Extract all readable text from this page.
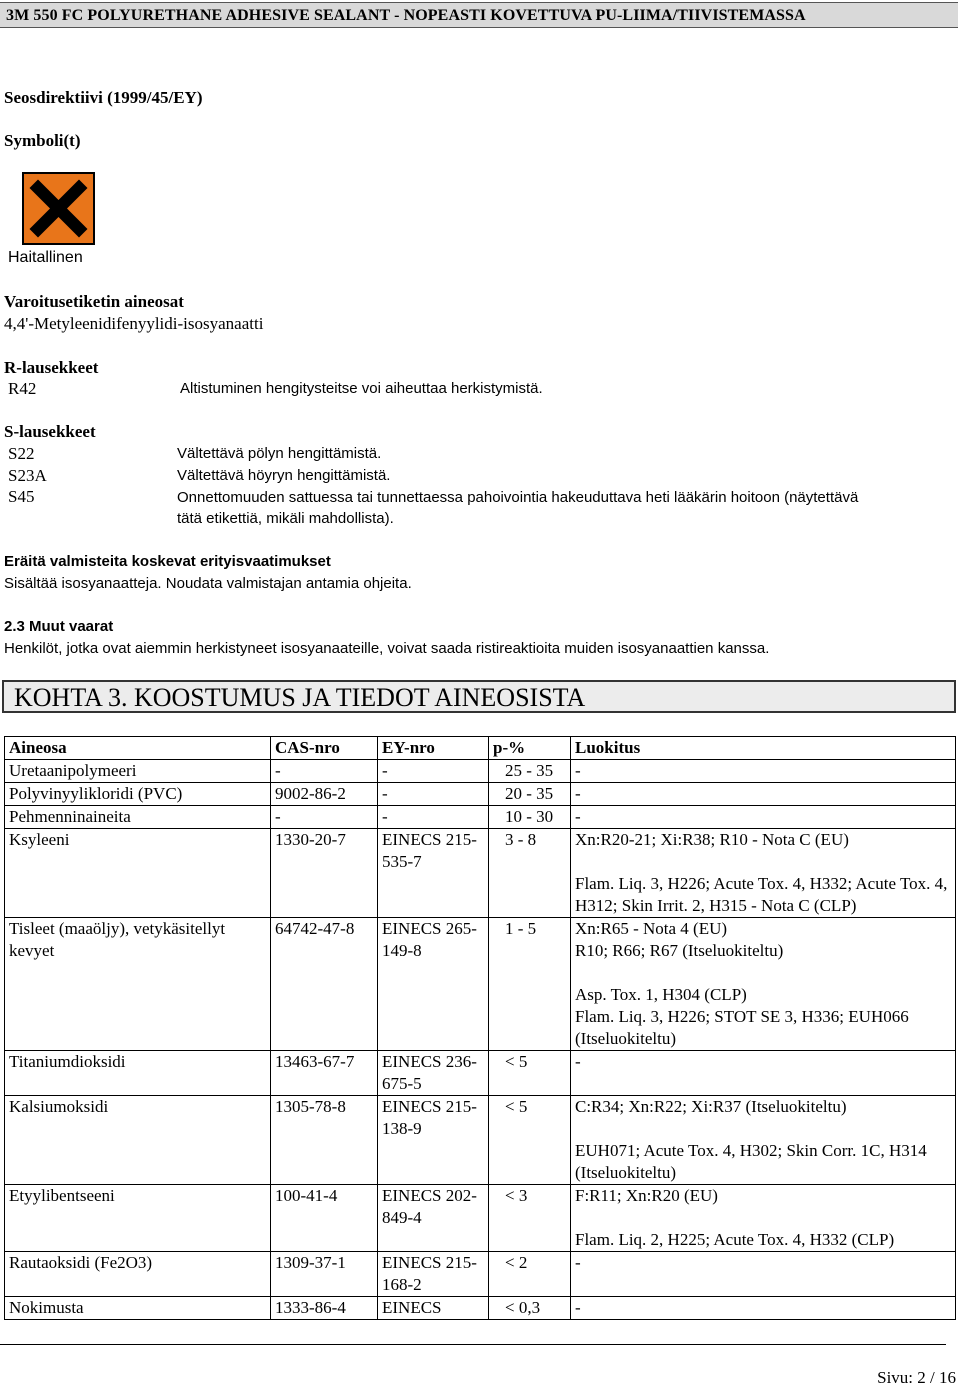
3M 550 FC POLYURETHANE ADHESIVE SEALANT - NOPEASTI KOVETTUVA PU-LIIMA/TIIVISTEMASSA
Seosdirektiivi (1999/45/EY)
Symboli(t)
Haitallinen
Varoitusetiketin aineosat
4,4'-Metyleenidifenyylidi-isosyanaatti
R-lausekkeet
R42	Altistuminen hengitysteitse voi aiheuttaa herkistymistä.
S-lausekkeet
S22	Vältettävä pölyn hengittämistä.
S23A	Vältettävä höyryn hengittämistä.
S45	Onnettomuuden sattuessa tai tunnettaessa pahoivointia hakeuduttava heti lääkärin hoitoon (näytettävä
tätä etikettiä, mikäli mahdollista).
Eräitä valmisteita koskevat erityisvaatimukset
Sisältää isosyanaatteja. Noudata valmistajan antamia ohjeita.
2.3 Muut vaarat
Henkilöt, jotka ovat aiemmin herkistyneet isosyanaateille, voivat saada ristireaktioita muiden isosyanaattien kanssa.
KOHTA 3. KOOSTUMUS JA TIEDOT AINEOSISTA
Aineosa	CAS-nro	EY-nro	p-%	Luokitus
Uretaanipolymeeri	-	-	25 - 35	-

Polyvinyylikloridi (PVC)	9002-86-2	-	20 - 35	-

Pehmenninaineita	-	-	10 - 30	-

Ksyleeni	1330-20-7	EINECS 215-535-7	3 - 8	Xn:R20-21; Xi:R38; R10 - Nota C (EU)
Flam. Liq. 3, H226; Acute Tox. 4, H332; Acute Tox. 4, H312; Skin Irrit. 2, H315 - Nota C (CLP)

Tisleet (maaöljy), vetykäsitellyt kevyet	64742-47-8	EINECS 265-149-8	1 - 5	Xn:R65 - Nota 4 (EU)
R10; R66; R67 (Itseluokiteltu)
Asp. Tox. 1, H304 (CLP)
Flam. Liq. 3, H226; STOT SE 3, H336; EUH066 (Itseluokiteltu)

Titaniumdioksidi	13463-67-7	EINECS 236-675-5	< 5	-

Kalsiumoksidi	1305-78-8	EINECS 215-138-9	< 5	C:R34; Xn:R22; Xi:R37 (Itseluokiteltu)
EUH071; Acute Tox. 4, H302; Skin Corr. 1C, H314 (Itseluokiteltu)

Etyylibentseeni	100-41-4	EINECS 202-849-4	< 3	F:R11; Xn:R20 (EU)
Flam. Liq. 2, H225; Acute Tox. 4, H332 (CLP)

Rautaoksidi (Fe2O3)	1309-37-1	EINECS 215-168-2	< 2	-

Nokimusta	1333-86-4	EINECS	< 0,3	-
Sivu: 2 / 16
